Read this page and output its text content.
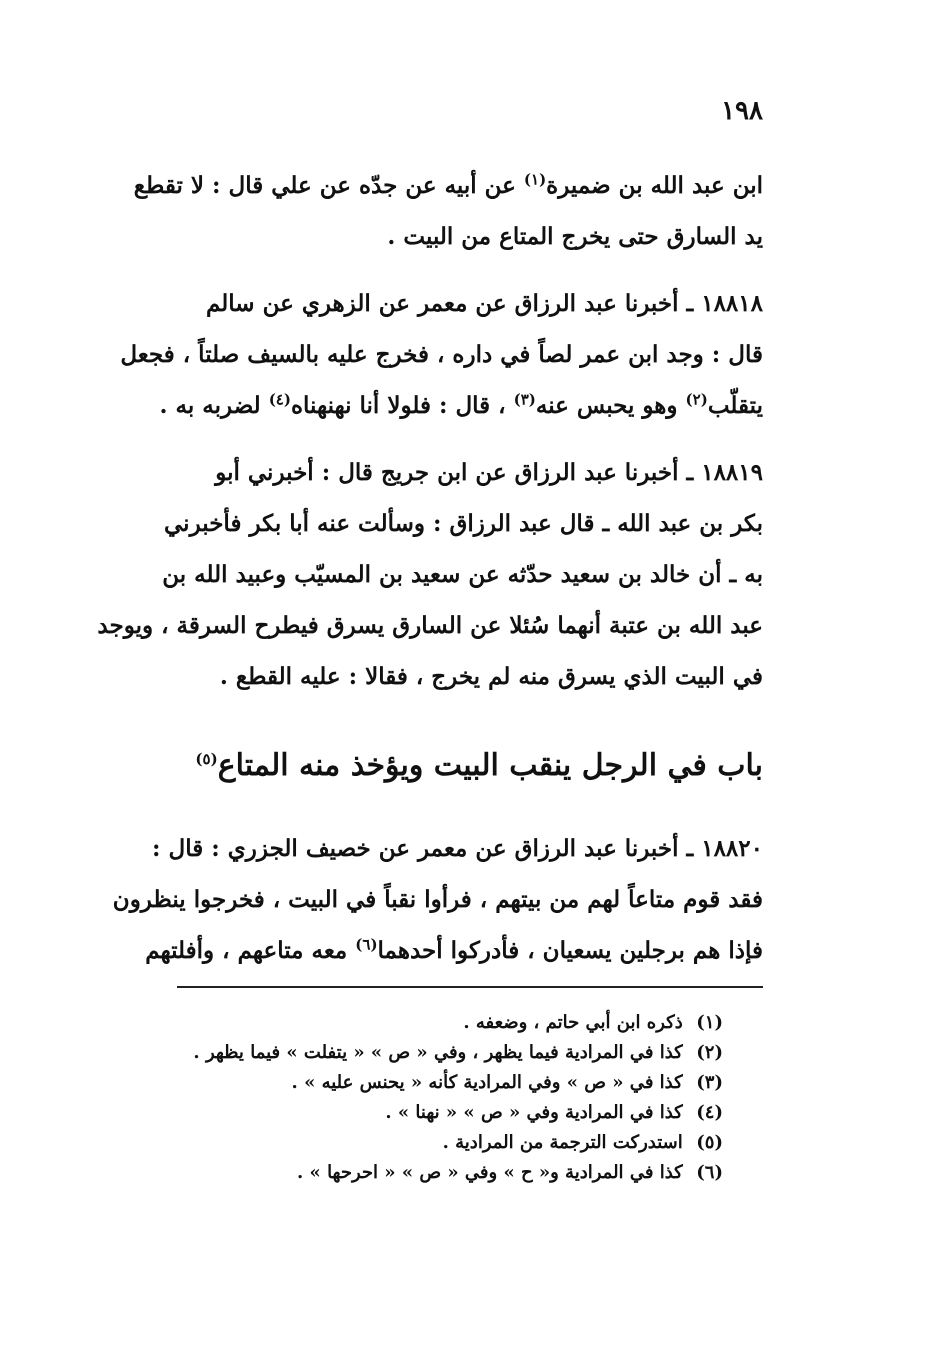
١٩٨
ابن عبد الله بن ضميرة$^{(١)}$ عن أبيه عن جدّه عن علي قال : لا تقطع
يد السارق حتى يخرج المتاع من البيت .
١٨٨١٨ ـ أخبرنا عبد الرزاق عن معمر عن الزهري عن سالم
قال : وجد ابن عمر لصاً في داره ، فخرج عليه بالسيف صلتاً ، فجعل
يتقلّب$^{(٢)}$ وهو يحبس عنه$^{(٣)}$ ، قال : فلولا أنا نهنهناه$^{(٤)}$ لضربه به .
١٨٨١٩ ـ أخبرنا عبد الرزاق عن ابن جريج قال : أخبرني أبو
بكر بن عبد الله ـ قال عبد الرزاق : وسألت عنه أبا بكر فأخبرني
به ـ أن خالد بن سعيد حدّثه عن سعيد بن المسيّب وعبيد الله بن
عبد الله بن عتبة أنهما سُئلا عن السارق يسرق فيطرح السرقة ، ويوجد
في البيت الذي يسرق منه لم يخرج ، فقالا : عليه القطع .
باب في الرجل ينقب البيت ويؤخذ منه المتاع$^{(٥)}$
١٨٨٢٠ ـ أخبرنا عبد الرزاق عن معمر عن خصيف الجزري : قال :
فقد قوم متاعاً لهم من بيتهم ، فرأوا نقباً في البيت ، فخرجوا ينظرون
فإذا هم برجلين يسعيان ، فأدركوا أحدهما$^{(٦)}$ معه متاعهم ، وأفلتهم
(١) ذكره ابن أبي حاتم ، وضعفه .
(٢) كذا في المرادية فيما يظهر ، وفي « ص » « يتفلت » فيما يظهر .
(٣) كذا في « ص » وفي المرادية كأنه « يحنس عليه » .
(٤) كذا في المرادية وفي « ص » « نهنا » .
(٥) استدركت الترجمة من المرادية .
(٦) كذا في المرادية و« ح » وفي « ص » « احرحها » .
